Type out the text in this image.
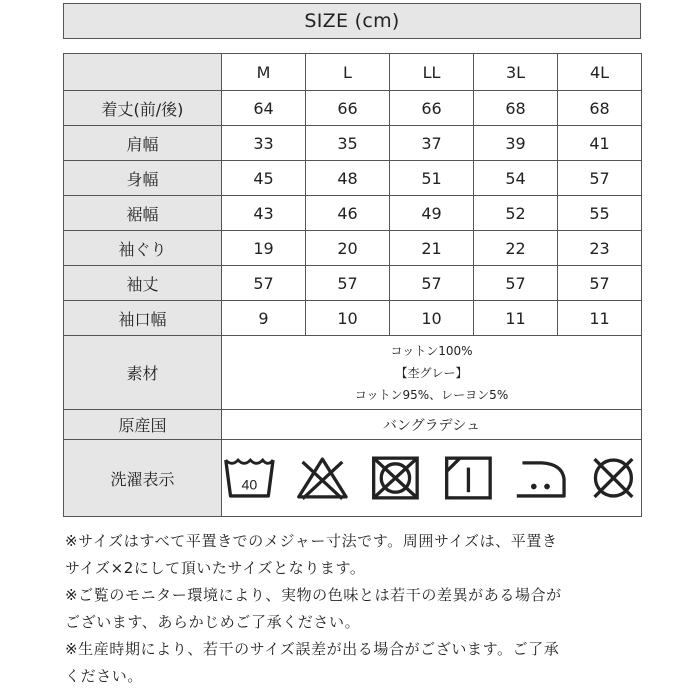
SIZE (cm)
	M	L	LL	3L	4L
着丈(前/後)	64	66	66	68	68
肩幅	33	35	37	39	41
身幅	45	48	51	54	57
裾幅	43	46	49	52	55
袖ぐり	19	20	21	22	23
袖丈	57	57	57	57	57
袖口幅	9	10	10	11	11
素材	コットン100%
【杢グレー】
コットン95%、レーヨン5%				

原産国	バングラデシュ				
洗濯表示	40				
※サイズはすべて平置きでのメジャー寸法です。周囲サイズは、平置き
サイズ×2にして頂いたサイズとなります。
※ご覧のモニター環境により、実物の色味とは若干の差異がある場合が
ございます、あらかじめご了承ください。
※生産時期により、若干のサイズ誤差が出る場合がございます。ご了承
ください。
